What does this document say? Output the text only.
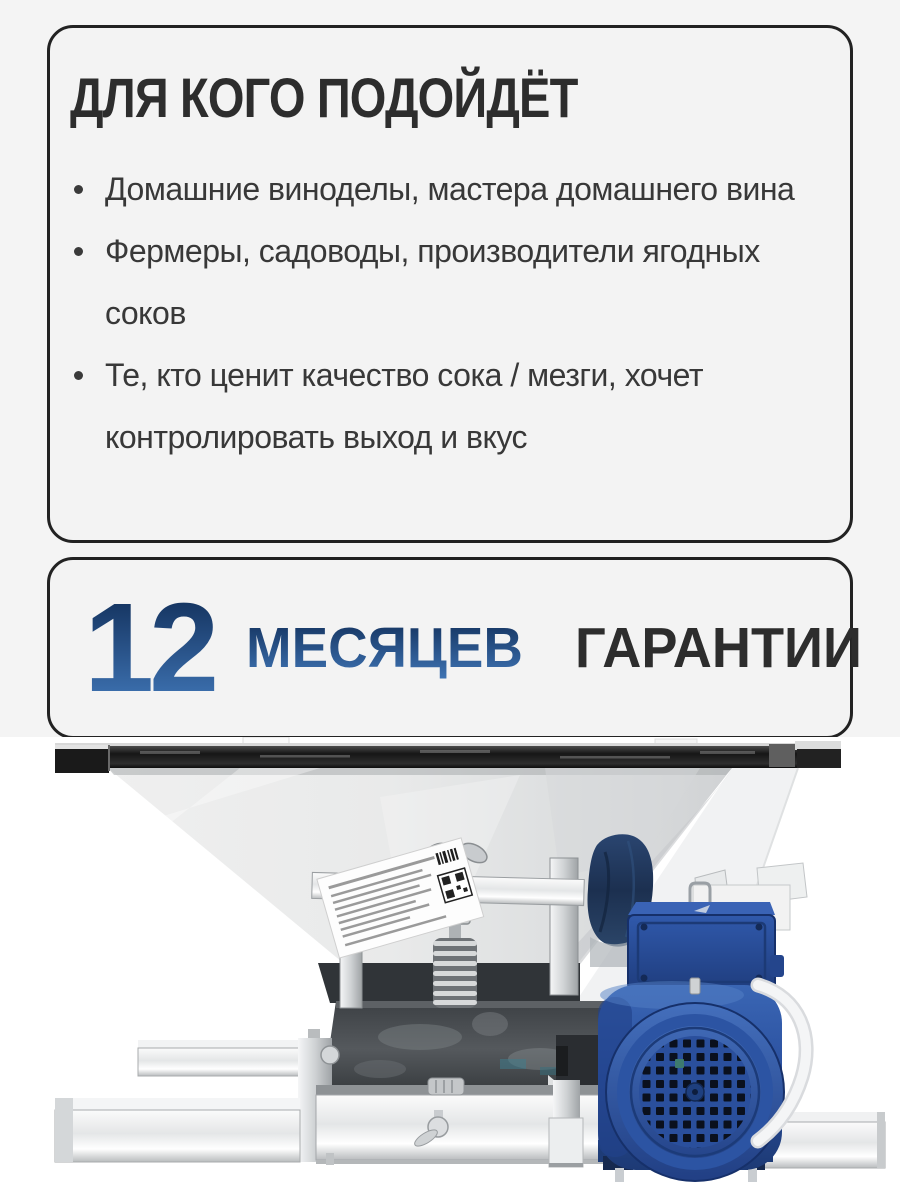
ДЛЯ КОГО ПОДОЙДЁТ
Домашние виноделы, мастера домашнего вина
Фермеры, садоводы, производители ягодных
соков
Те, кто ценит качество сока / мезги, хочет
контролировать выход и вкус
12 МЕСЯЦЕВ ГАРАНТИИ
